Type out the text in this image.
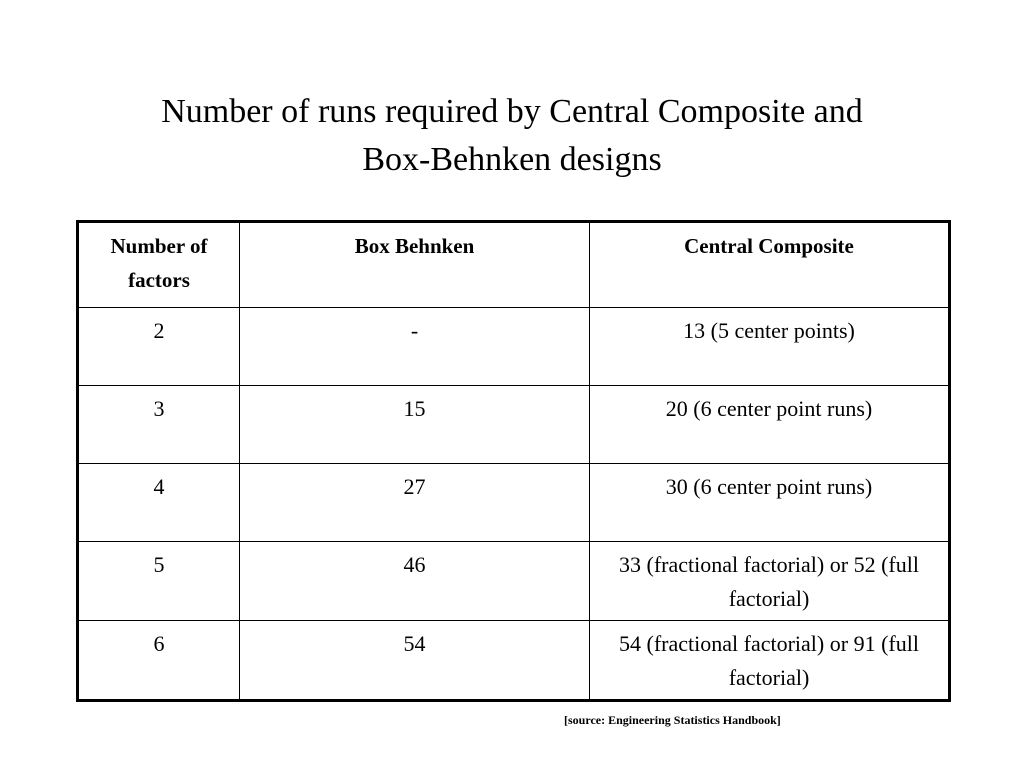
Number of runs required by Central Composite and
Box-Behnken designs
Number of factors	Box Behnken	Central Composite
2	-	13 (5 center points)
3	15	20 (6 center point runs)
4	27	30 (6 center point runs)
5	46	33 (fractional factorial) or 52 (full factorial)
6	54	54 (fractional factorial) or 91 (full factorial)
[source: Engineering Statistics Handbook]
